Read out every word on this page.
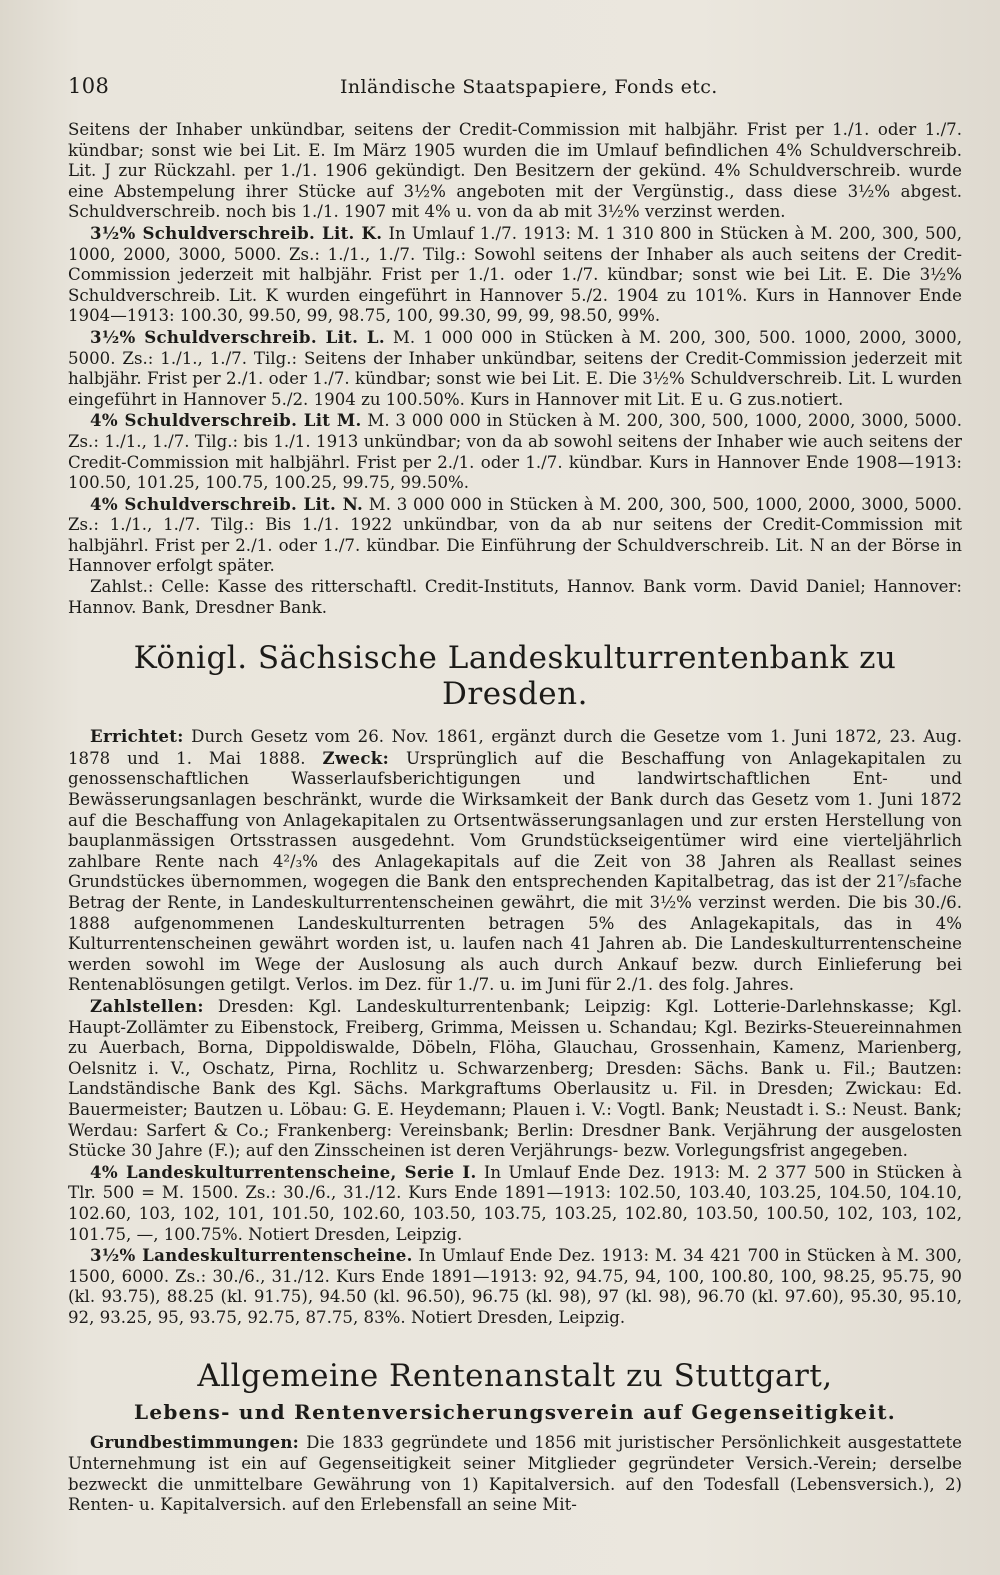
108	Inländische Staatspapiere, Fonds etc.

Seitens der Inhaber unkündbar, seitens der Credit-Commission mit halbjähr. Frist per 1./1. oder 1./7. kündbar; sonst wie bei Lit. E. Im März 1905 wurden die im Umlauf befindlichen 4% Schuldverschreib. Lit. J zur Rückzahl. per 1./1. 1906 gekündigt. Den Besitzern der gekünd. 4% Schuldverschreib. wurde eine Abstempelung ihrer Stücke auf 3½% angeboten mit der Vergünstig., dass diese 3½% abgest. Schuldverschreib. noch bis 1./1. 1907 mit 4% u. von da ab mit 3½% verzinst werden.

3½% Schuldverschreib. Lit. K. In Umlauf 1./7. 1913: M. 1 310 800 in Stücken à M. 200, 300, 500, 1000, 2000, 3000, 5000. Zs.: 1./1., 1./7. Tilg.: Sowohl seitens der Inhaber als auch seitens der Credit-Commission jederzeit mit halbjähr. Frist per 1./1. oder 1./7. kündbar; sonst wie bei Lit. E. Die 3½% Schuldverschreib. Lit. K wurden eingeführt in Hannover 5./2. 1904 zu 101%. Kurs in Hannover Ende 1904—1913: 100.30, 99.50, 99, 98.75, 100, 99.30, 99, 99, 98.50, 99%.

3½% Schuldverschreib. Lit. L. M. 1 000 000 in Stücken à M. 200, 300, 500. 1000, 2000, 3000, 5000. Zs.: 1./1., 1./7. Tilg.: Seitens der Inhaber unkündbar, seitens der Credit-Commission jederzeit mit halbjähr. Frist per 2./1. oder 1./7. kündbar; sonst wie bei Lit. E. Die 3½% Schuldverschreib. Lit. L wurden eingeführt in Hannover 5./2. 1904 zu 100.50%. Kurs in Hannover mit Lit. E u. G zus.notiert.

4% Schuldverschreib. Lit M. M. 3 000 000 in Stücken à M. 200, 300, 500, 1000, 2000, 3000, 5000. Zs.: 1./1., 1./7. Tilg.: bis 1./1. 1913 unkündbar; von da ab sowohl seitens der Inhaber wie auch seitens der Credit-Commission mit halbjährl. Frist per 2./1. oder 1./7. kündbar. Kurs in Hannover Ende 1908—1913: 100.50, 101.25, 100.75, 100.25, 99.75, 99.50%.

4% Schuldverschreib. Lit. N. M. 3 000 000 in Stücken à M. 200, 300, 500, 1000, 2000, 3000, 5000. Zs.: 1./1., 1./7. Tilg.: Bis 1./1. 1922 unkündbar, von da ab nur seitens der Credit-Commission mit halbjährl. Frist per 2./1. oder 1./7. kündbar. Die Einführung der Schuldverschreib. Lit. N an der Börse in Hannover erfolgt später.

Zahlst.: Celle: Kasse des ritterschaftl. Credit-Instituts, Hannov. Bank vorm. David Daniel; Hannover: Hannov. Bank, Dresdner Bank.

Königl. Sächsische Landeskulturrentenbank zu Dresden.

Errichtet: Durch Gesetz vom 26. Nov. 1861, ergänzt durch die Gesetze vom 1. Juni 1872, 23. Aug. 1878 und 1. Mai 1888. Zweck: Ursprünglich auf die Beschaffung von Anlagekapitalen zu genossenschaftlichen Wasserlaufsberichtigungen und landwirtschaftlichen Ent- und Bewässerungsanlagen beschränkt, wurde die Wirksamkeit der Bank durch das Gesetz vom 1. Juni 1872 auf die Beschaffung von Anlagekapitalen zu Ortsentwässerungsanlagen und zur ersten Herstellung von bauplanmässigen Ortsstrassen ausgedehnt. Vom Grundstückseigentümer wird eine vierteljährlich zahlbare Rente nach 4²/₃% des Anlagekapitals auf die Zeit von 38 Jahren als Reallast seines Grundstückes übernommen, wogegen die Bank den entsprechenden Kapitalbetrag, das ist der 21⁷/₅fache Betrag der Rente, in Landeskulturrentenscheinen gewährt, die mit 3½% verzinst werden. Die bis 30./6. 1888 aufgenommenen Landeskulturrenten betragen 5% des Anlagekapitals, das in 4% Kulturrentenscheinen gewährt worden ist, u. laufen nach 41 Jahren ab. Die Landeskulturrentenscheine werden sowohl im Wege der Auslosung als auch durch Ankauf bezw. durch Einlieferung bei Rentenablösungen getilgt. Verlos. im Dez. für 1./7. u. im Juni für 2./1. des folg. Jahres.

Zahlstellen: Dresden: Kgl. Landeskulturrentenbank; Leipzig: Kgl. Lotterie-Darlehnskasse; Kgl. Haupt-Zollämter zu Eibenstock, Freiberg, Grimma, Meissen u. Schandau; Kgl. Bezirks-Steuereinnahmen zu Auerbach, Borna, Dippoldiswalde, Döbeln, Flöha, Glauchau, Grossenhain, Kamenz, Marienberg, Oelsnitz i. V., Oschatz, Pirna, Rochlitz u. Schwarzenberg; Dresden: Sächs. Bank u. Fil.; Bautzen: Landständische Bank des Kgl. Sächs. Markgraftums Oberlausitz u. Fil. in Dresden; Zwickau: Ed. Bauermeister; Bautzen u. Löbau: G. E. Heydemann; Plauen i. V.: Vogtl. Bank; Neustadt i. S.: Neust. Bank; Werdau: Sarfert & Co.; Frankenberg: Vereinsbank; Berlin: Dresdner Bank. Verjährung der ausgelosten Stücke 30 Jahre (F.); auf den Zinsscheinen ist deren Verjährungs- bezw. Vorlegungsfrist angegeben.

4% Landeskulturrentenscheine, Serie I. In Umlauf Ende Dez. 1913: M. 2 377 500 in Stücken à Tlr. 500 = M. 1500. Zs.: 30./6., 31./12. Kurs Ende 1891—1913: 102.50, 103.40, 103.25, 104.50, 104.10, 102.60, 103, 102, 101, 101.50, 102.60, 103.50, 103.75, 103.25, 102.80, 103.50, 100.50, 102, 103, 102, 101.75, —, 100.75%. Notiert Dresden, Leipzig.

3½% Landeskulturrentenscheine. In Umlauf Ende Dez. 1913: M. 34 421 700 in Stücken à M. 300, 1500, 6000. Zs.: 30./6., 31./12. Kurs Ende 1891—1913: 92, 94.75, 94, 100, 100.80, 100, 98.25, 95.75, 90 (kl. 93.75), 88.25 (kl. 91.75), 94.50 (kl. 96.50), 96.75 (kl. 98), 97 (kl. 98), 96.70 (kl. 97.60), 95.30, 95.10, 92, 93.25, 95, 93.75, 92.75, 87.75, 83%. Notiert Dresden, Leipzig.

Allgemeine Rentenanstalt zu Stuttgart,
Lebens- und Rentenversicherungsverein auf Gegenseitigkeit.

Grundbestimmungen: Die 1833 gegründete und 1856 mit juristischer Persönlichkeit ausgestattete Unternehmung ist ein auf Gegenseitigkeit seiner Mitglieder gegründeter Versich.-Verein; derselbe bezweckt die unmittelbare Gewährung von 1) Kapitalversich. auf den Todesfall (Lebensversich.), 2) Renten- u. Kapitalversich. auf den Erlebensfall an seine Mit-
